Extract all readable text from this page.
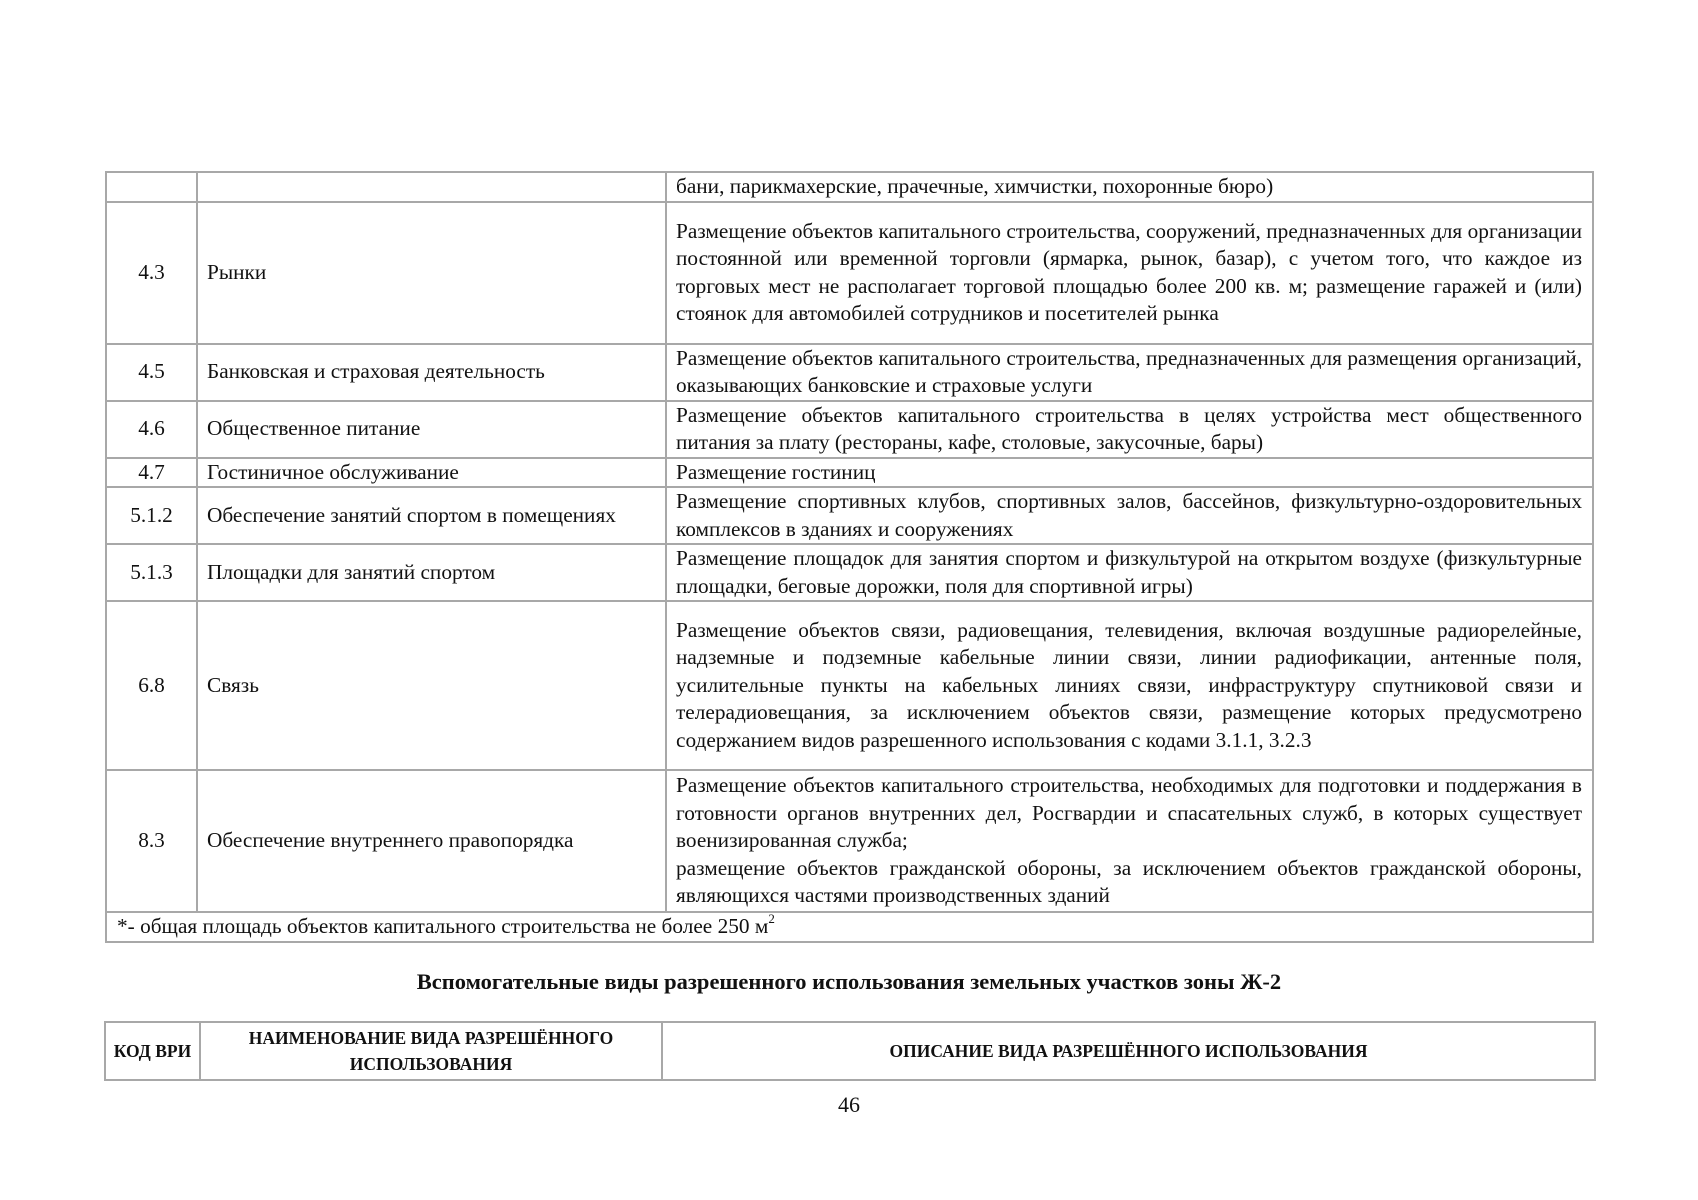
		бани, парикмахерские, прачечные, химчистки, похоронные бюро)

4.3	Рынки	Размещение объектов капитального строительства, сооружений, предназначенных для организации постоянной или временной торговли (ярмарка, рынок, базар), с учетом того, что каждое из торговых мест не располагает торговой площадью более 200 кв. м; размещение гаражей и (или) стоянок для автомобилей сотрудников и посетителей рынка

4.5	Банковская и страховая деятельность	Размещение объектов капитального строительства, предназначенных для размещения организаций, оказывающих банковские и страховые услуги

4.6	Общественное питание	Размещение объектов капитального строительства в целях устройства мест общественного питания за плату (рестораны, кафе, столовые, закусочные, бары)

4.7	Гостиничное обслуживание	Размещение гостиниц

5.1.2	Обеспечение занятий спортом в помещениях	Размещение спортивных клубов, спортивных залов, бассейнов, физкультурно-оздоровительных комплексов в зданиях и сооружениях

5.1.3	Площадки для занятий спортом	Размещение площадок для занятия спортом и физкультурой на открытом воздухе (физкультурные площадки, беговые дорожки, поля для спортивной игры)

6.8	Связь	Размещение объектов связи, радиовещания, телевидения, включая воздушные радиорелейные, надземные и подземные кабельные линии связи, линии радиофикации, антенные поля, усилительные пункты на кабельных линиях связи, инфраструктуру спутниковой связи и телерадиовещания, за исключением объектов связи, размещение которых предусмотрено содержанием видов разрешенного использования с кодами 3.1.1, 3.2.3

8.3	Обеспечение внутреннего правопорядка	Размещение объектов капитального строительства, необходимых для подготовки и поддержания в готовности органов внутренних дел, Росгвардии и спасательных служб, в которых существует военизированная служба;
размещение объектов гражданской обороны, за исключением объектов гражданской обороны, являющихся частями производственных зданий

*- общая площадь объектов капитального строительства не более 250 $м^2$
Вспомогательные виды разрешенного использования земельных участков зоны Ж-2
КОД ВРИ	НАИМЕНОВАНИЕ ВИДА РАЗРЕШЁННОГО ИСПОЛЬЗОВАНИЯ	ОПИСАНИЕ ВИДА РАЗРЕШЁННОГО ИСПОЛЬЗОВАНИЯ
46
